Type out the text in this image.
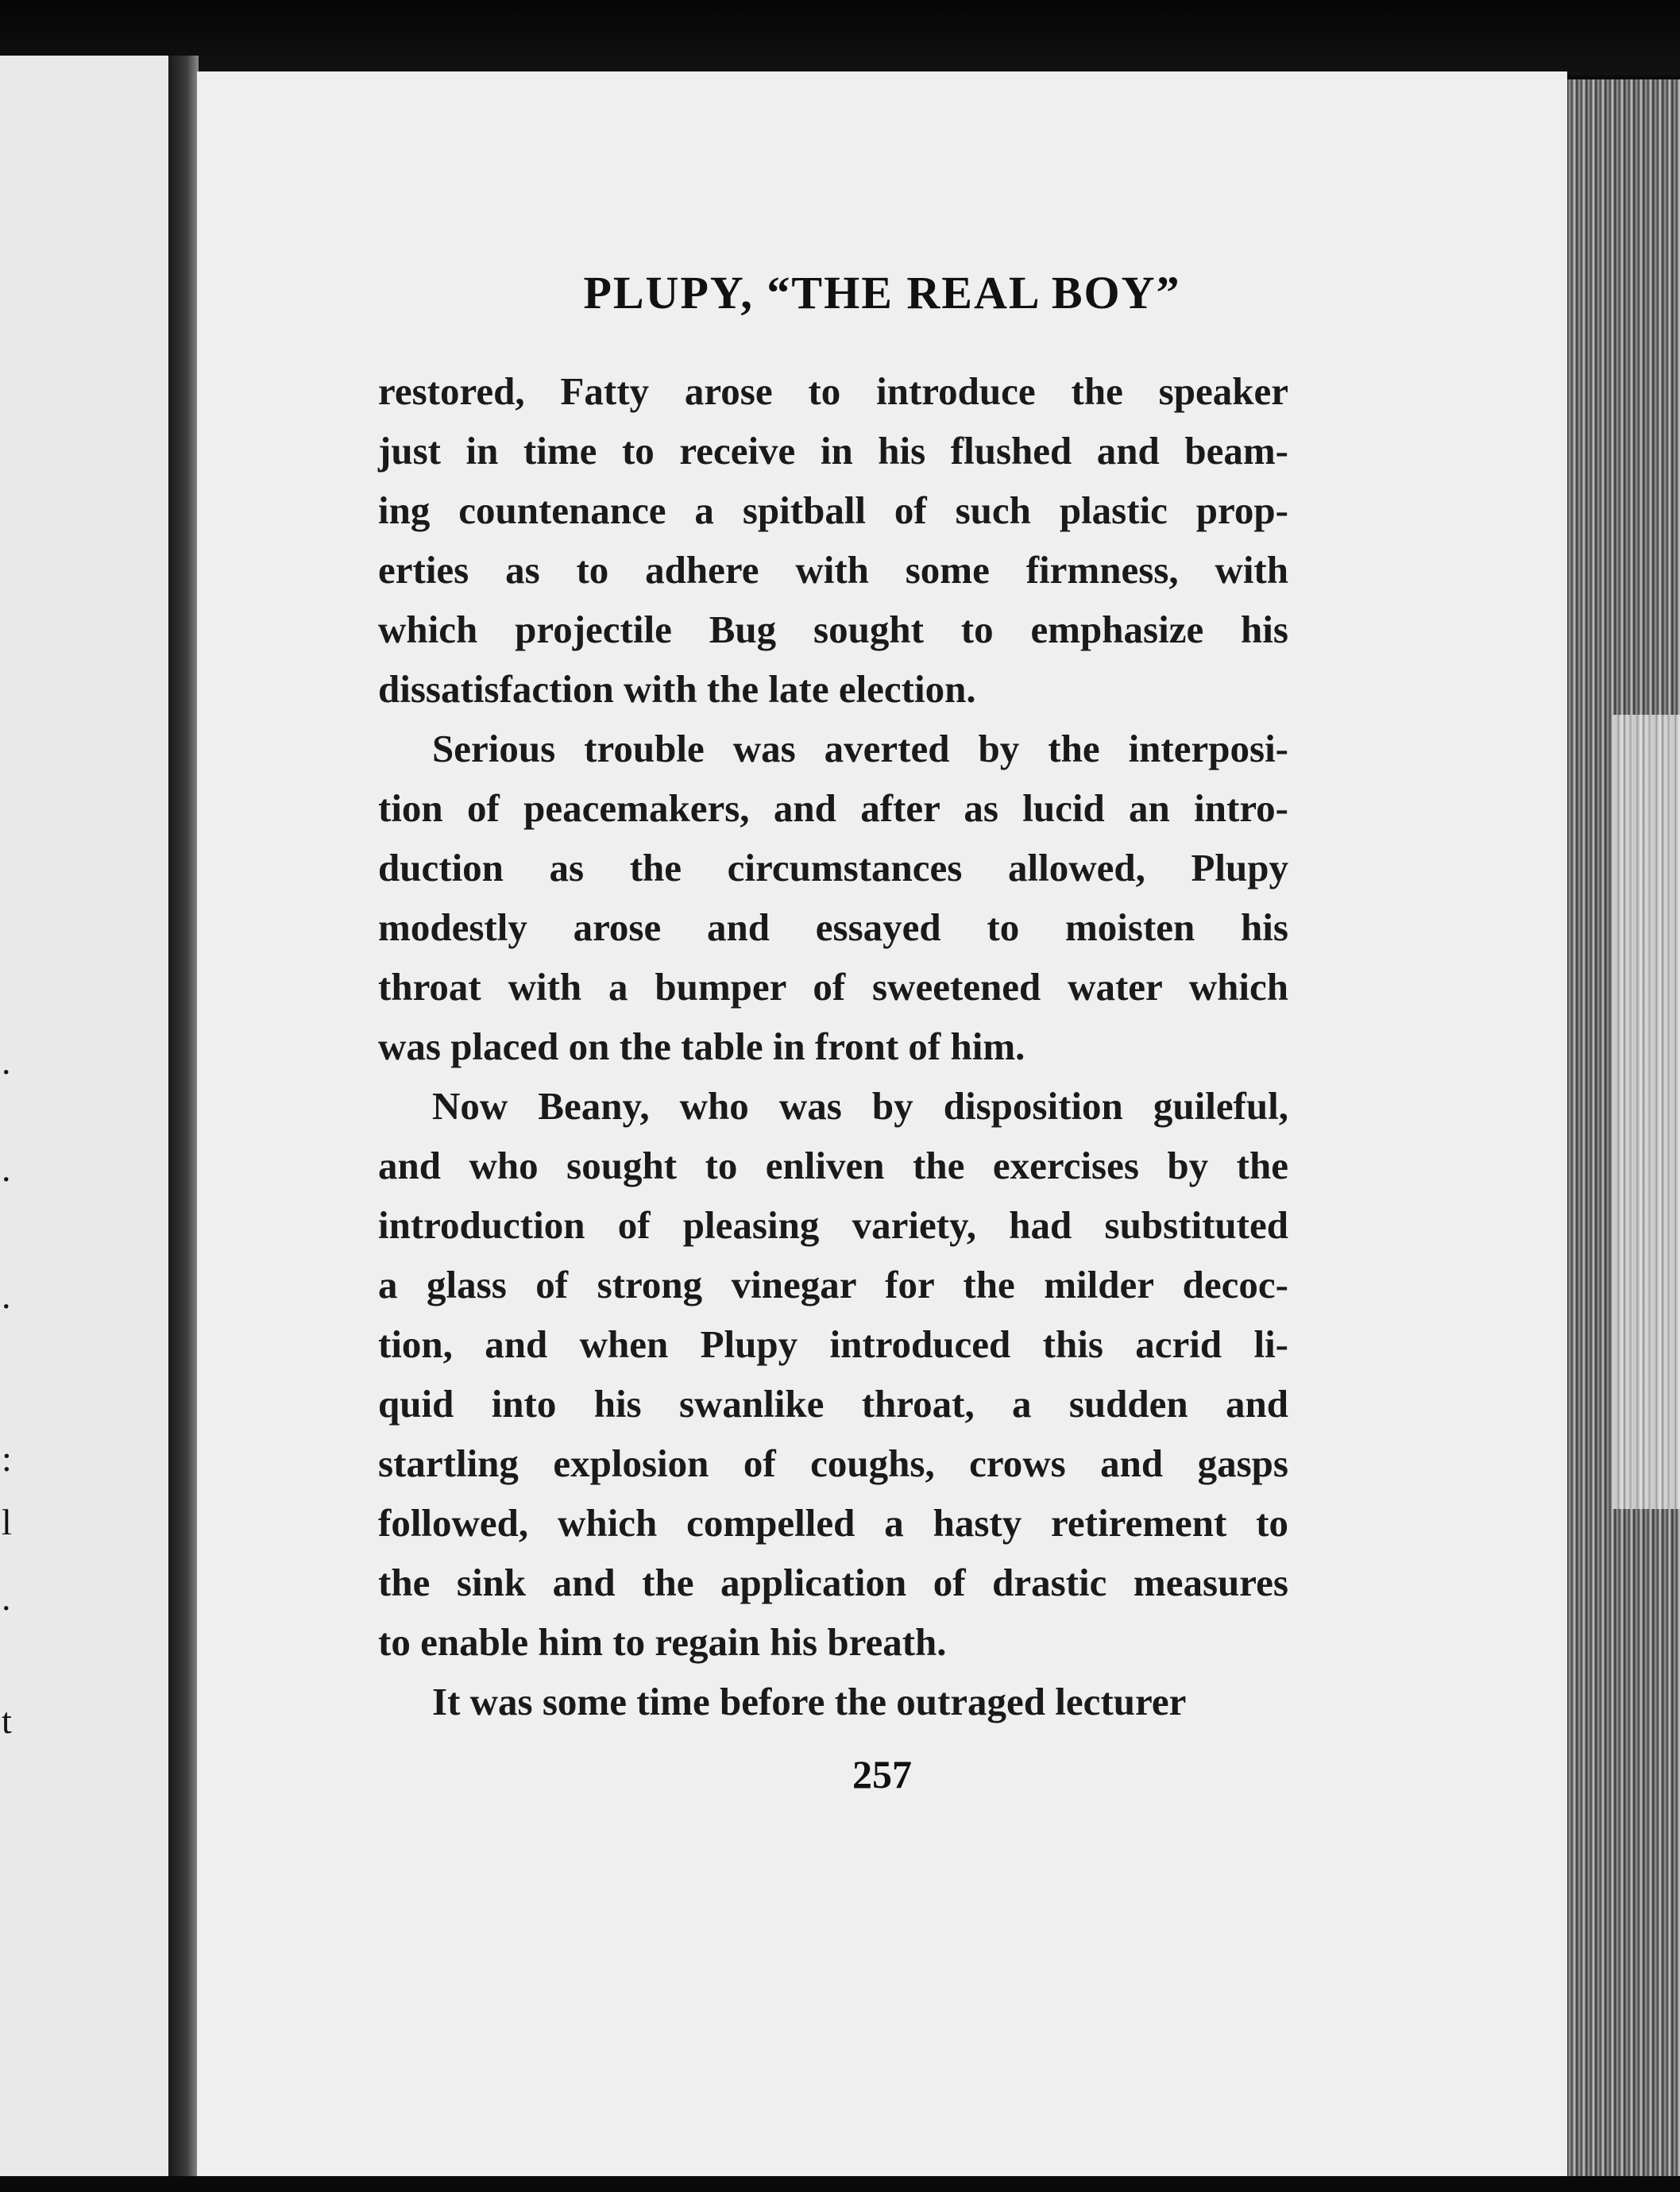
.
.
.
:
l
.
t
PLUPY, “THE REAL BOY”
restored, Fatty arose to introduce the speaker
just in time to receive in his flushed and beam-
ing countenance a spitball of such plastic prop-
erties as to adhere with some firmness, with
which projectile Bug sought to emphasize his
dissatisfaction with the late election.
Serious trouble was averted by the interposi-
tion of peacemakers, and after as lucid an intro-
duction as the circumstances allowed, Plupy
modestly arose and essayed to moisten his
throat with a bumper of sweetened water which
was placed on the table in front of him.
Now Beany, who was by disposition guileful,
and who sought to enliven the exercises by the
introduction of pleasing variety, had substituted
a glass of strong vinegar for the milder decoc-
tion, and when Plupy introduced this acrid li-
quid into his swanlike throat, a sudden and
startling explosion of coughs, crows and gasps
followed, which compelled a hasty retirement to
the sink and the application of drastic measures
to enable him to regain his breath.
It was some time before the outraged lecturer
257
